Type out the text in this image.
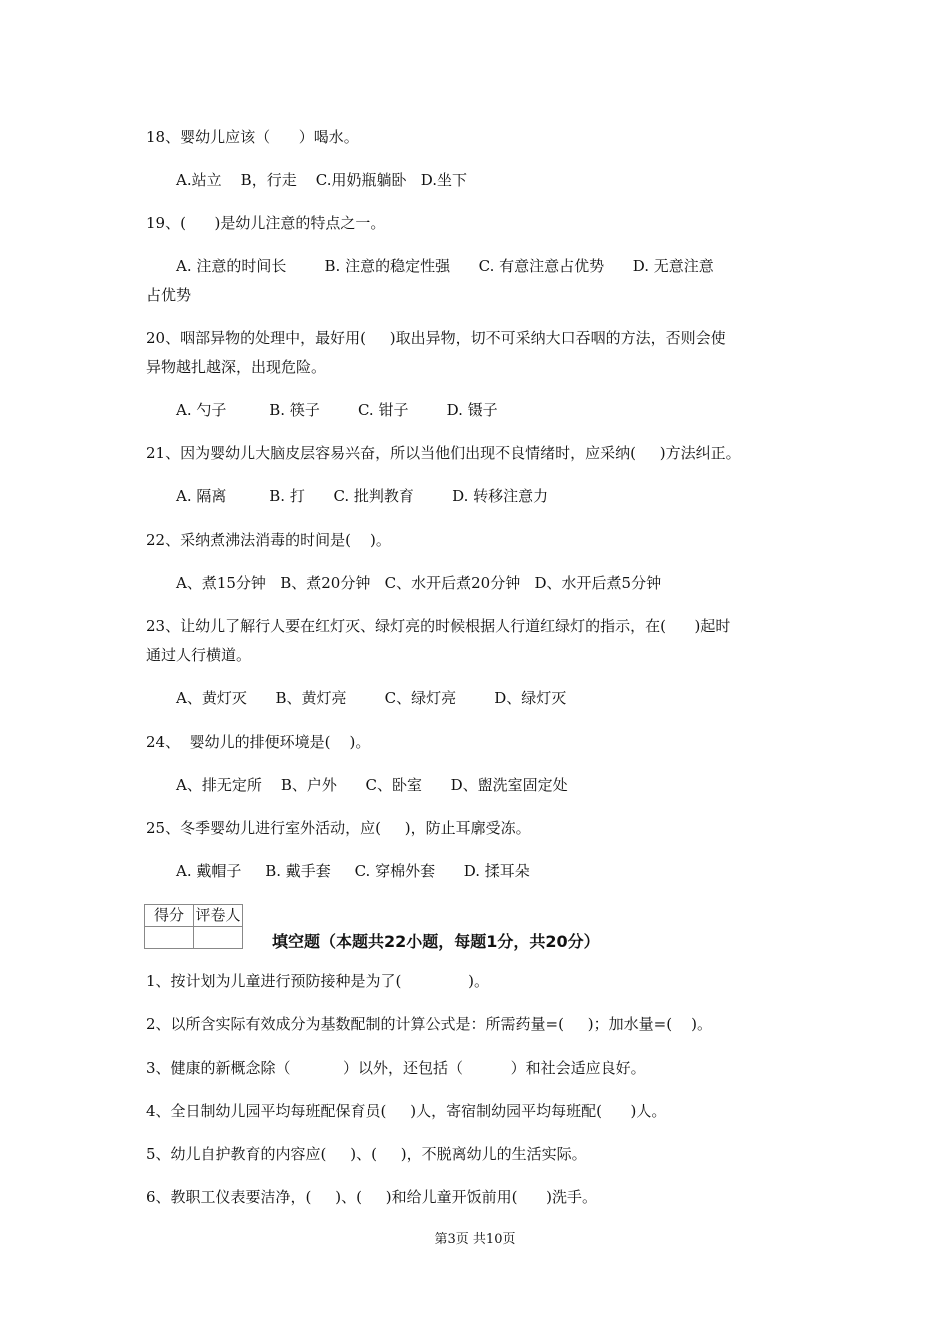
18、婴幼儿应该（      ）喝水。
A.站立    B，行走    C.用奶瓶躺卧   D.坐下
19、(      )是幼儿注意的特点之一。
A. 注意的时间长        B. 注意的稳定性强      C. 有意注意占优势      D. 无意注意
占优势
20、咽部异物的处理中，最好用(     )取出异物，切不可采纳大口吞咽的方法，否则会使
异物越扎越深，出现危险。
A. 勺子         B. 筷子        C. 钳子        D. 镊子
21、因为婴幼儿大脑皮层容易兴奋，所以当他们出现不良情绪时，应采纳(     )方法纠正。
A. 隔离         B. 打      C. 批判教育        D. 转移注意力
22、采纳煮沸法消毒的时间是(    )。
A、煮15分钟   B、煮20分钟   C、水开后煮20分钟   D、水开后煮5分钟
23、让幼儿了解行人要在红灯灭、绿灯亮的时候根据人行道红绿灯的指示，在(      )起时
通过人行横道。
A、黄灯灭      B、黄灯亮        C、绿灯亮        D、绿灯灭
24、  婴幼儿的排便环境是(    )。
A、排无定所    B、户外      C、卧室      D、盥洗室固定处
25、冬季婴幼儿进行室外活动，应(     )，防止耳廓受冻。
A. 戴帽子     B. 戴手套     C. 穿棉外套      D. 揉耳朵
得分	评卷人

填空题（本题共22小题，每题1分，共20分）
1、按计划为儿童进行预防接种是为了(              )。
2、以所含实际有效成分为基数配制的计算公式是：所需药量=(     )；加水量=(    )。
3、健康的新概念除（           ）以外，还包括（          ）和社会适应良好。
4、全日制幼儿园平均每班配保育员(     )人，寄宿制幼园平均每班配(      )人。
5、幼儿自护教育的内容应(     )、(     )，不脱离幼儿的生活实际。
6、教职工仪表要洁净，(     )、(     )和给儿童开饭前用(      )洗手。
第3页 共10页
